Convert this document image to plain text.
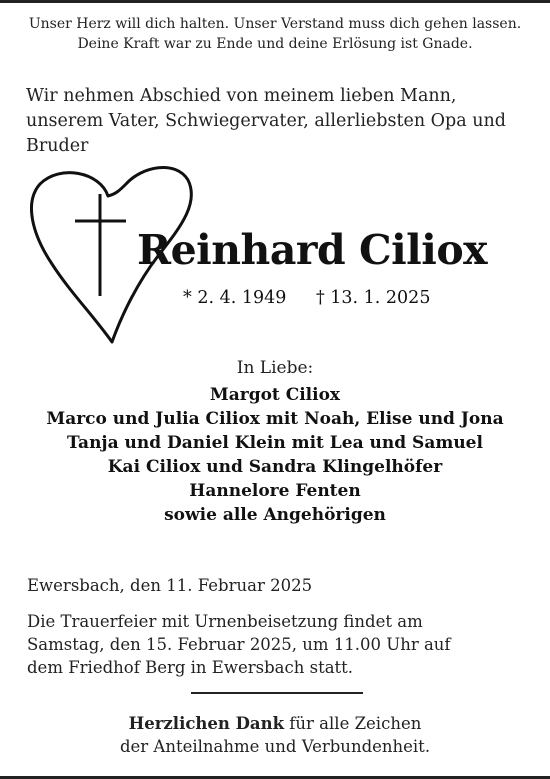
Unser Herz will dich halten. Unser Verstand muss dich gehen lassen.
Deine Kraft war zu Ende und deine Erlösung ist Gnade.
Wir nehmen Abschied von meinem lieben Mann,
unserem Vater, Schwiegervater, allerliebsten Opa und
Bruder
Reinhard Ciliox
* 2. 4. 1949 † 13. 1. 2025
In Liebe:
Margot Ciliox
Marco und Julia Ciliox mit Noah, Elise und Jona
Tanja und Daniel Klein mit Lea und Samuel
Kai Ciliox und Sandra Klingelhöfer
Hannelore Fenten
sowie alle Angehörigen
Ewersbach, den 11. Februar 2025
Die Trauerfeier mit Urnenbeisetzung findet am
Samstag, den 15. Februar 2025, um 11.00 Uhr auf
dem Friedhof Berg in Ewersbach statt.
Herzlichen Dank für alle Zeichen
der Anteilnahme und Verbundenheit.
